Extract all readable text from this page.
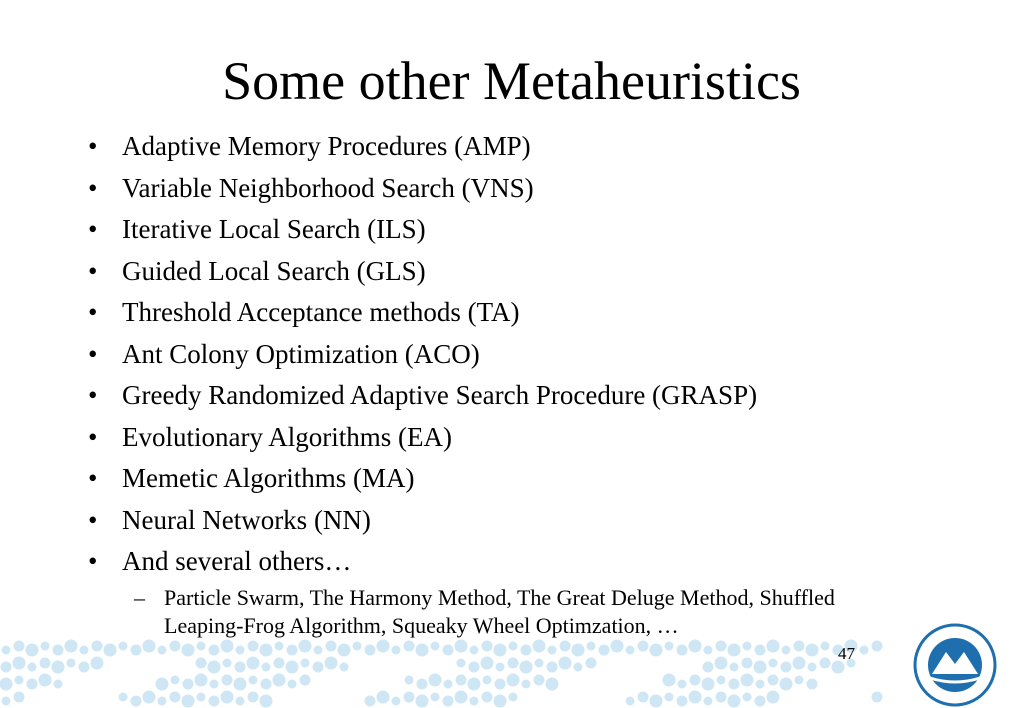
Some other Metaheuristics
• Adaptive Memory Procedures (AMP)
• Variable Neighborhood Search (VNS)
• Iterative Local Search (ILS)
• Guided Local Search (GLS)
• Threshold Acceptance methods (TA)
• Ant Colony Optimization (ACO)
• Greedy Randomized Adaptive Search Procedure (GRASP)
• Evolutionary Algorithms (EA)
• Memetic Algorithms (MA)
• Neural Networks (NN)
• And several others…
– Particle Swarm, The Harmony Method, The Great Deluge Method, Shuffled Leaping-Frog Algorithm, Squeaky Wheel Optimzation, …
47
